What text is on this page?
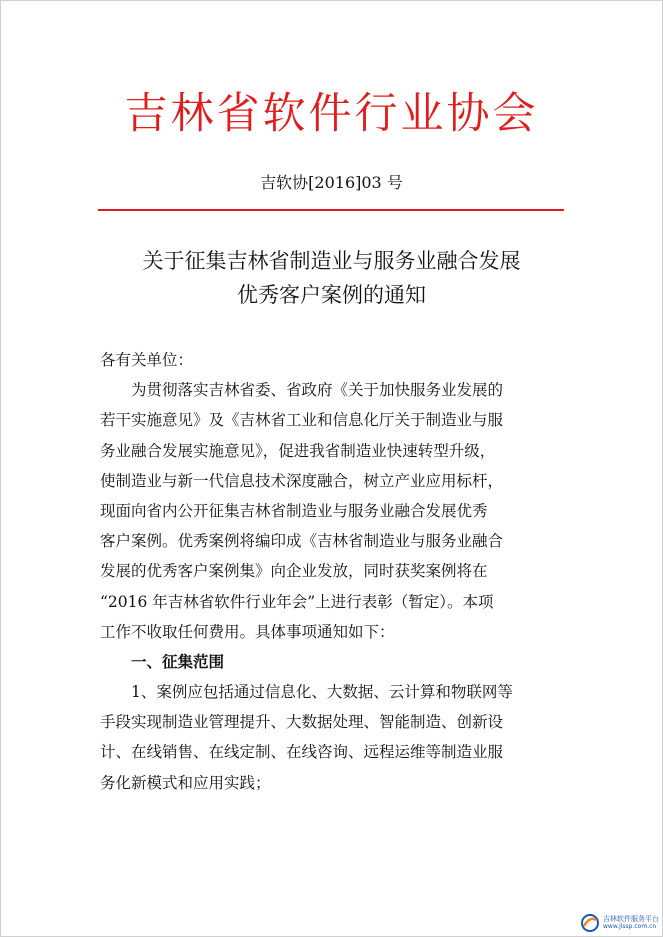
吉林省软件行业协会
吉软协[2016]03 号
关于征集吉林省制造业与服务业融合发展
优秀客户案例的通知
各有关单位：
为贯彻落实吉林省委、省政府《关于加快服务业发展的
若干实施意见》及《吉林省工业和信息化厅关于制造业与服
务业融合发展实施意见》，促进我省制造业快速转型升级，
使制造业与新一代信息技术深度融合，树立产业应用标杆，
现面向省内公开征集吉林省制造业与服务业融合发展优秀
客户案例。优秀案例将编印成《吉林省制造业与服务业融合
发展的优秀客户案例集》向企业发放，同时获奖案例将在
“2016 年吉林省软件行业年会”上进行表彰（暂定）。本项
工作不收取任何费用。具体事项通知如下：
一、征集范围
1、案例应包括通过信息化、大数据、云计算和物联网等
手段实现制造业管理提升、大数据处理、智能制造、创新设
计、在线销售、在线定制、在线咨询、远程运维等制造业服
务化新模式和应用实践；
吉林软件服务平台
www.jlssp.com.cn
